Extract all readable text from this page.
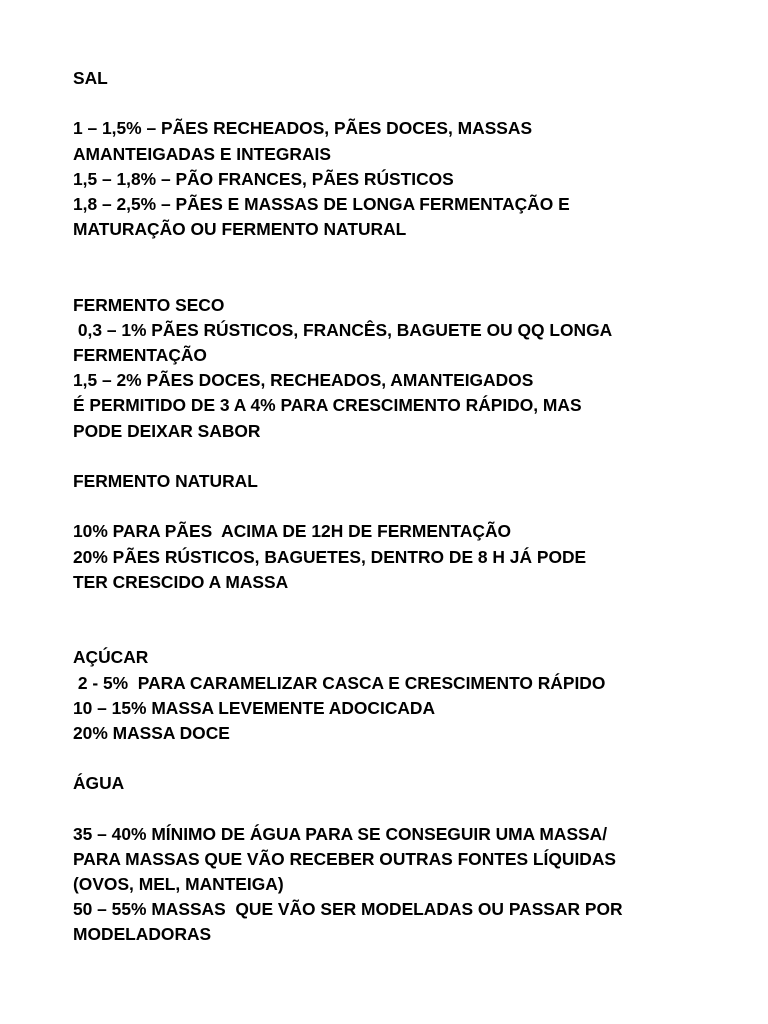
SAL
1 – 1,5% – PÃES RECHEADOS, PÃES DOCES, MASSAS
AMANTEIGADAS E INTEGRAIS
1,5 – 1,8% – PÃO FRANCES, PÃES RÚSTICOS
1,8 – 2,5% – PÃES E MASSAS DE LONGA FERMENTAÇÃO E
MATURAÇÃO OU FERMENTO NATURAL
FERMENTO SECO
0,3 – 1% PÃES RÚSTICOS, FRANCÊS, BAGUETE OU QQ LONGA
FERMENTAÇÃO
1,5 – 2% PÃES DOCES, RECHEADOS, AMANTEIGADOS
É PERMITIDO DE 3 A 4% PARA CRESCIMENTO RÁPIDO, MAS
PODE DEIXAR SABOR
FERMENTO NATURAL
10% PARA PÃES  ACIMA DE 12H DE FERMENTAÇÃO
20% PÃES RÚSTICOS, BAGUETES, DENTRO DE 8 H JÁ PODE
TER CRESCIDO A MASSA
AÇÚCAR
2 - 5%  PARA CARAMELIZAR CASCA E CRESCIMENTO RÁPIDO
10 – 15% MASSA LEVEMENTE ADOCICADA
20% MASSA DOCE
ÁGUA
35 – 40% MÍNIMO DE ÁGUA PARA SE CONSEGUIR UMA MASSA/
PARA MASSAS QUE VÃO RECEBER OUTRAS FONTES LÍQUIDAS
(OVOS, MEL, MANTEIGA)
50 – 55% MASSAS  QUE VÃO SER MODELADAS OU PASSAR POR
MODELADORAS
